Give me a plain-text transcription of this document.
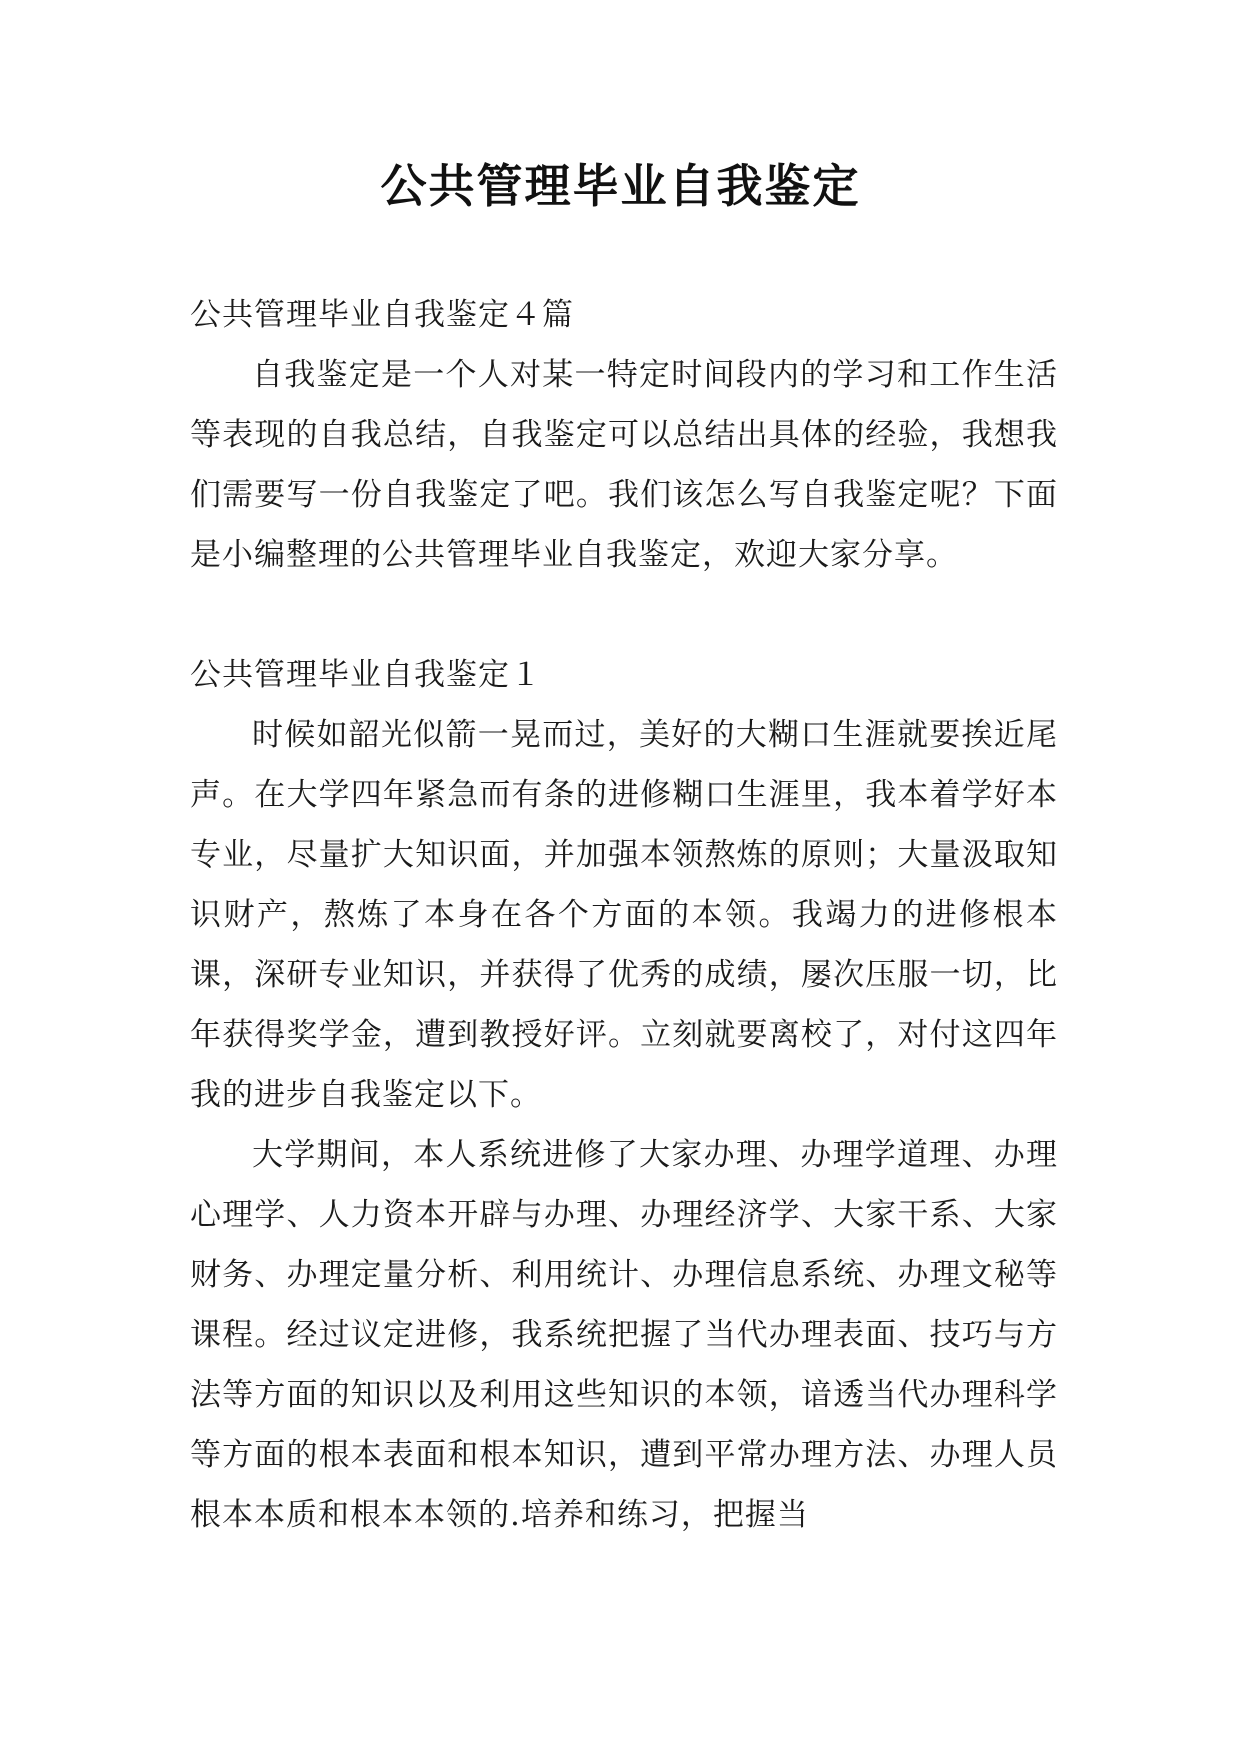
公共管理毕业自我鉴定

公共管理毕业自我鉴定４篇

自我鉴定是一个人对某一特定时间段内的学习和工作生活等表现的自我总结，自我鉴定可以总结出具体的经验，我想我们需要写一份自我鉴定了吧。我们该怎么写自我鉴定呢？下面是小编整理的公共管理毕业自我鉴定，欢迎大家分享。

公共管理毕业自我鉴定１

时候如韶光似箭一晃而过，美好的大糊口生涯就要挨近尾声。在大学四年紧急而有条的进修糊口生涯里，我本着学好本专业，尽量扩大知识面，并加强本领熬炼的原则；大量汲取知识财产，熬炼了本身在各个方面的本领。我竭力的进修根本课，深研专业知识，并获得了优秀的成绩，屡次压服一切，比年获得奖学金，遭到教授好评。立刻就要离校了，对付这四年我的进步自我鉴定以下。

大学期间，本人系统进修了大家办理、办理学道理、办理心理学、人力资本开辟与办理、办理经济学、大家干系、大家财务、办理定量分析、利用统计、办理信息系统、办理文秘等课程。经过议定进修，我系统把握了当代办理表面、技巧与方法等方面的知识以及利用这些知识的本领，谙透当代办理科学等方面的根本表面和根本知识，遭到平常办理方法、办理人员根本本质和根本本领的.培养和练习，把握当
